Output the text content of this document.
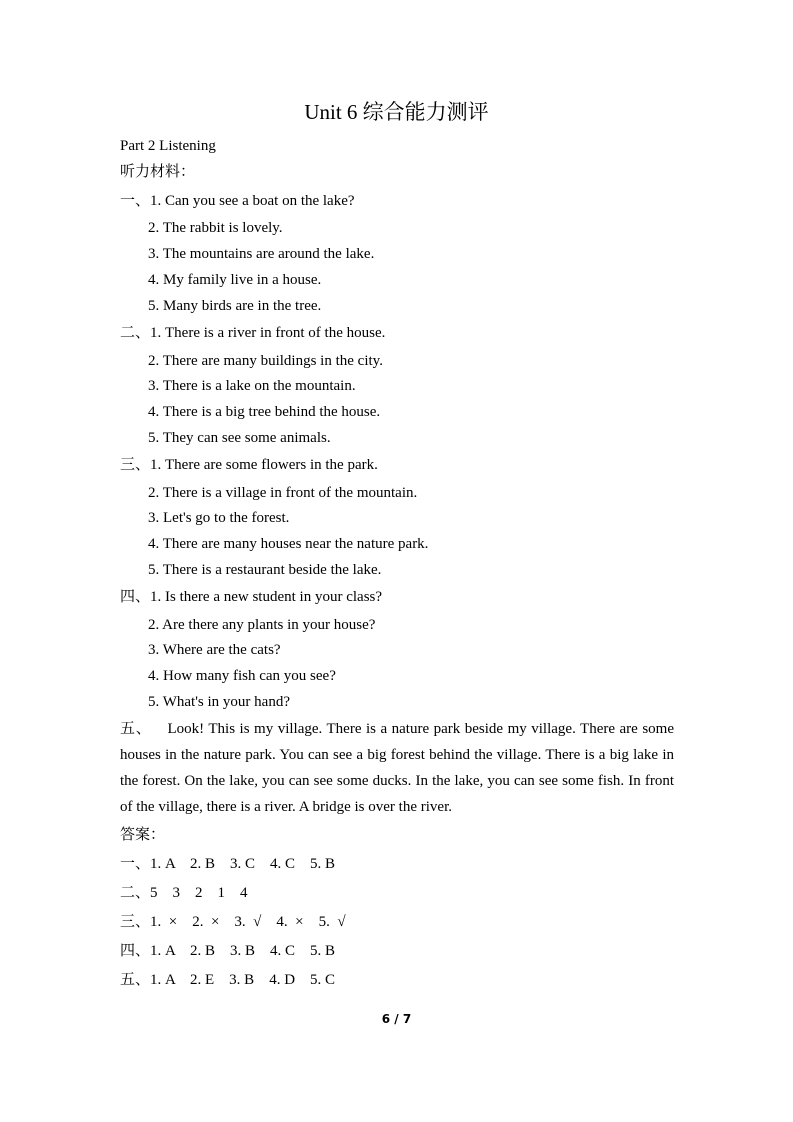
Unit 6 综合能力测评
Part 2 Listening
听力材料：
一、1. Can you see a boat on the lake?
2. The rabbit is lovely.
3. The mountains are around the lake.
4. My family live in a house.
5. Many birds are in the tree.
二、1. There is a river in front of the house.
2. There are many buildings in the city.
3. There is a lake on the mountain.
4. There is a big tree behind the house.
5. They can see some animals.
三、1. There are some flowers in the park.
2. There is a village in front of the mountain.
3. Let's go to the forest.
4. There are many houses near the nature park.
5. There is a restaurant beside the lake.
四、1. Is there a new student in your class?
2. Are there any plants in your house?
3. Where are the cats?
4. How many fish can you see?
5. What's in your hand?
五、 Look! This is my village. There is a nature park beside my village. There are some houses in the nature park. You can see a big forest behind the village. There is a big lake in the forest. On the lake, you can see some ducks. In the lake, you can see some fish. In front of the village, there is a river. A bridge is over the river.
答案：
一、1. A    2. B    3. C    4. C    5. B
二、5    3    2    1    4
三、1.  ×    2.  ×    3.  √    4.  ×    5.  √
四、1. A    2. B    3. B    4. C    5. B
五、1. A    2. E    3. B    4. D    5. C
6 / 7
